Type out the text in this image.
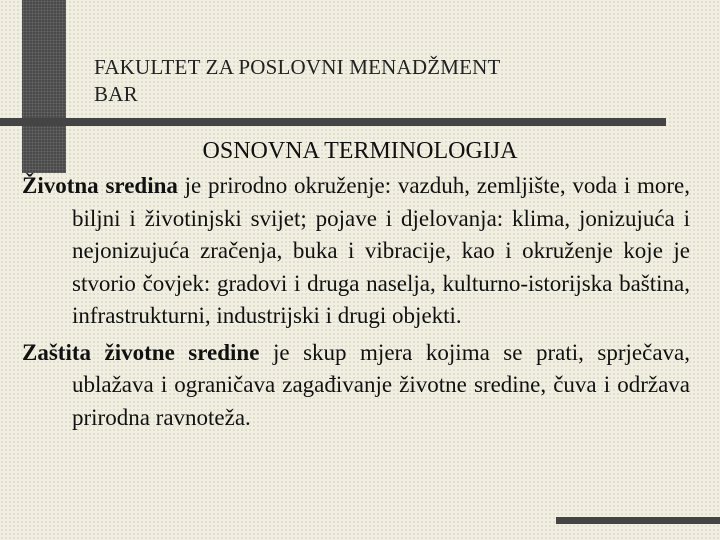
FAKULTET ZA POSLOVNI MENADŽMENT
BAR
OSNOVNA TERMINOLOGIJA

Životna sredina je prirodno okruženje: vazduh, zemljište, voda i more, biljni i životinjski svijet; pojave i djelovanja: klima, jonizujuća i nejonizujuća zračenja, buka i vibracije, kao i okruženje koje je stvorio čovjek: gradovi i druga naselja, kulturno-istorijska baština, infrastrukturni, industrijski i drugi objekti.

Zaštita životne sredine je skup mjera kojima se prati, sprječava, ublažava i ograničava zagađivanje životne sredine, čuva i održava prirodna ravnoteža.
